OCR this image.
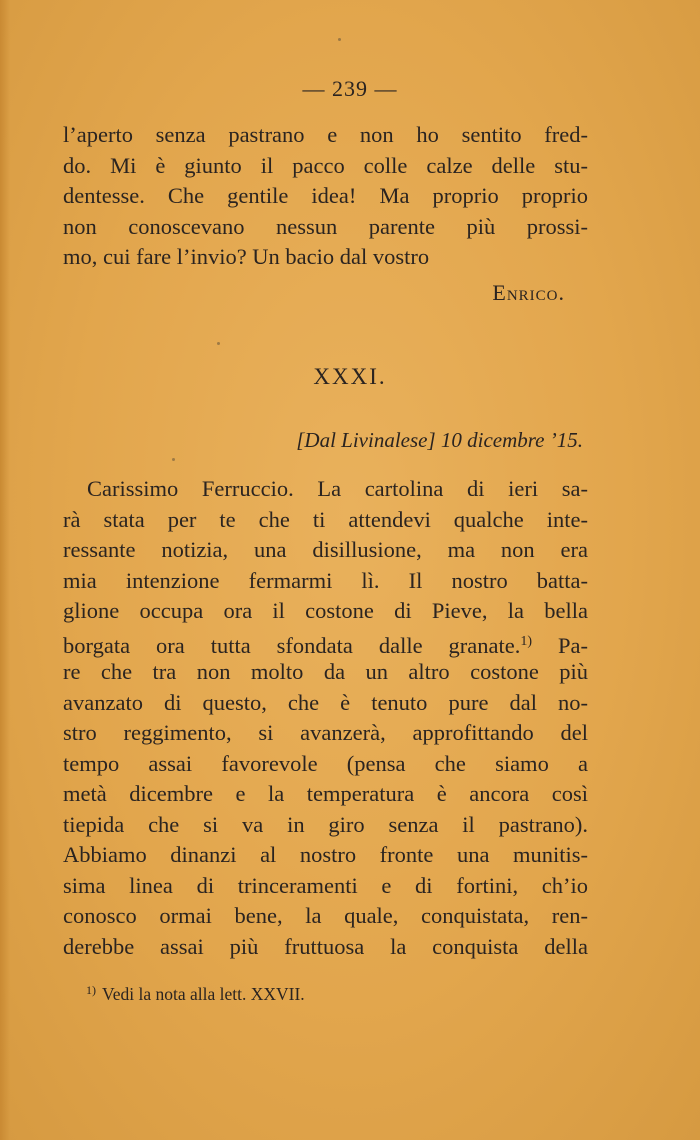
— 239 —
l’aperto senza pastrano e non ho sentito fred-
do. Mi è giunto il pacco colle calze delle stu-
dentesse. Che gentile idea! Ma proprio proprio
non conoscevano nessun parente più prossi-
mo, cui fare l’invio? Un bacio dal vostro
Enrico.
XXXI.
[Dal Livinalese] 10 dicembre ’15.
Carissimo Ferruccio. La cartolina di ieri sa-
rà stata per te che ti attendevi qualche inte-
ressante notizia, una disillusione, ma non era
mia intenzione fermarmi lì. Il nostro batta-
glione occupa ora il costone di Pieve, la bella
borgata ora tutta sfondata dalle granate.$^{1)}$ Pa-
re che tra non molto da un altro costone più
avanzato di questo, che è tenuto pure dal no-
stro reggimento, si avanzerà, approfittando del
tempo assai favorevole (pensa che siamo a
metà dicembre e la temperatura è ancora così
tiepida che si va in giro senza il pastrano).
Abbiamo dinanzi al nostro fronte una munitis-
sima linea di trinceramenti e di fortini, ch’io
conosco ormai bene, la quale, conquistata, ren-
derebbe assai più fruttuosa la conquista della
$^{1)}$ Vedi la nota alla lett. XXVII.
